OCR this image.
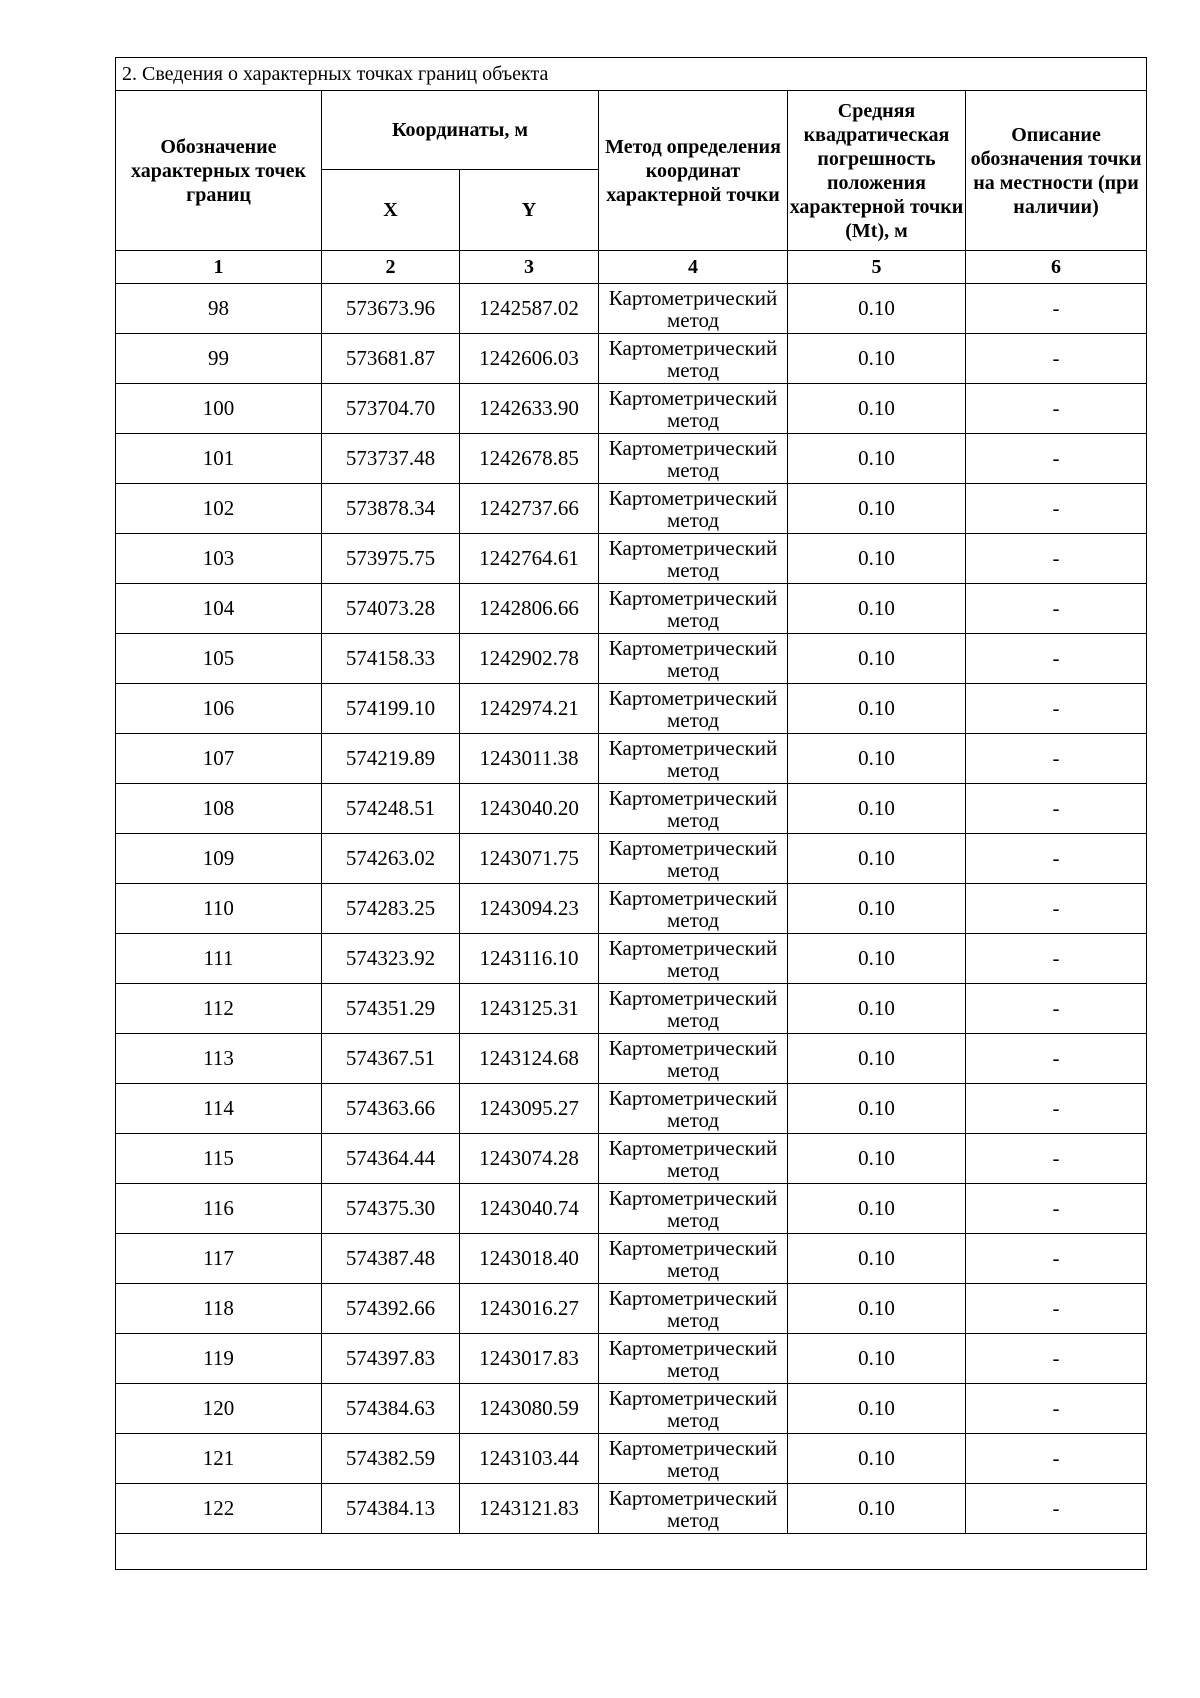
2. Сведения о характерных точках границ объекта					
Обозначение характерных точек границ	Координаты, м		Метод определения координат характерной точки	Средняя квадратическая погрешность положения характерной точки (Mt), м	Описание обозначения точки на местности (при наличии)
	X	Y			
1	2	3	4	5	6
98	573673.96	1242587.02	Картометрический метод	0.10	-
99	573681.87	1242606.03	Картометрический метод	0.10	-
100	573704.70	1242633.90	Картометрический метод	0.10	-
101	573737.48	1242678.85	Картометрический метод	0.10	-
102	573878.34	1242737.66	Картометрический метод	0.10	-
103	573975.75	1242764.61	Картометрический метод	0.10	-
104	574073.28	1242806.66	Картометрический метод	0.10	-
105	574158.33	1242902.78	Картометрический метод	0.10	-
106	574199.10	1242974.21	Картометрический метод	0.10	-
107	574219.89	1243011.38	Картометрический метод	0.10	-
108	574248.51	1243040.20	Картометрический метод	0.10	-
109	574263.02	1243071.75	Картометрический метод	0.10	-
110	574283.25	1243094.23	Картометрический метод	0.10	-
111	574323.92	1243116.10	Картометрический метод	0.10	-
112	574351.29	1243125.31	Картометрический метод	0.10	-
113	574367.51	1243124.68	Картометрический метод	0.10	-
114	574363.66	1243095.27	Картометрический метод	0.10	-
115	574364.44	1243074.28	Картометрический метод	0.10	-
116	574375.30	1243040.74	Картометрический метод	0.10	-
117	574387.48	1243018.40	Картометрический метод	0.10	-
118	574392.66	1243016.27	Картометрический метод	0.10	-
119	574397.83	1243017.83	Картометрический метод	0.10	-
120	574384.63	1243080.59	Картометрический метод	0.10	-
121	574382.59	1243103.44	Картометрический метод	0.10	-
122	574384.13	1243121.83	Картометрический метод	0.10	-
